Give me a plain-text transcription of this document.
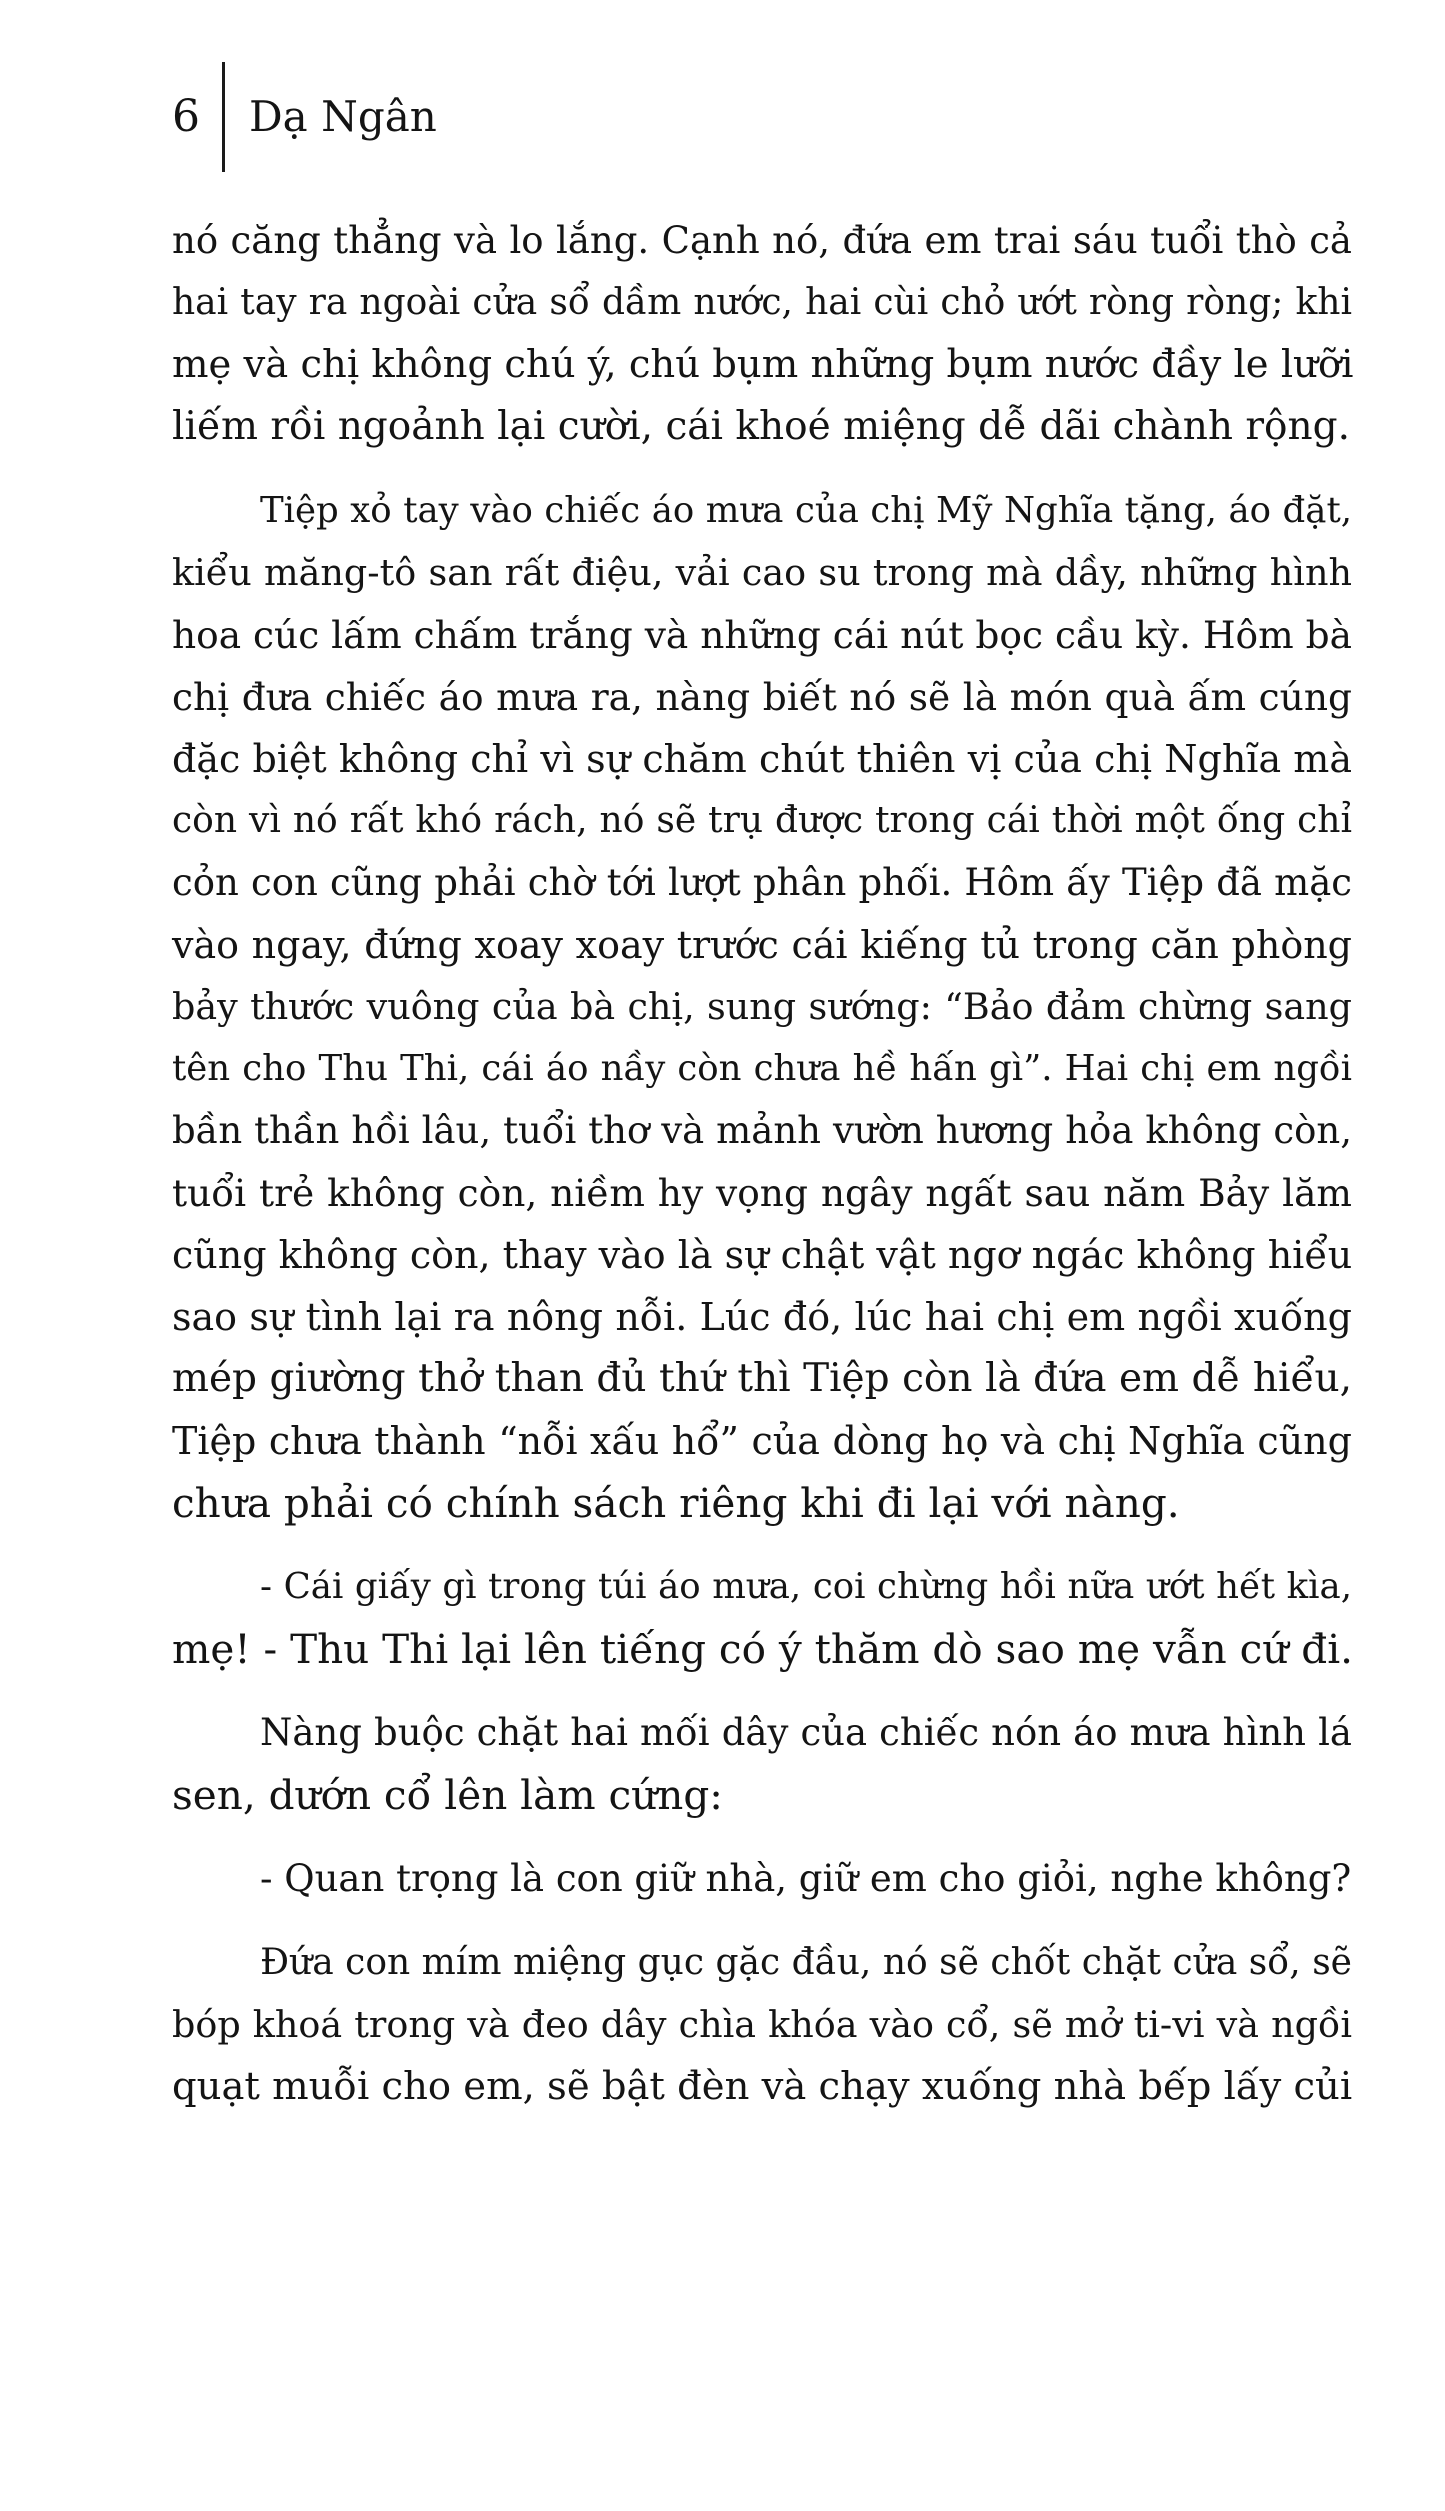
6	Dạ Ngân
nó căng thẳng và lo lắng. Cạnh nó, đứa em trai sáu tuổi thò cả
hai tay ra ngoài cửa sổ dầm nước, hai cùi chỏ ướt ròng ròng; khi
mẹ và chị không chú ý, chú bụm những bụm nước đầy le lưỡi
liếm rồi ngoảnh lại cười, cái khoé miệng dễ dãi chành rộng.
Tiệp xỏ tay vào chiếc áo mưa của chị Mỹ Nghĩa tặng, áo đặt,
kiểu măng-tô san rất điệu, vải cao su trong mà dầy, những hình
hoa cúc lấm chấm trắng và những cái nút bọc cầu kỳ. Hôm bà
chị đưa chiếc áo mưa ra, nàng biết nó sẽ là món quà ấm cúng
đặc biệt không chỉ vì sự chăm chút thiên vị của chị Nghĩa mà
còn vì nó rất khó rách, nó sẽ trụ được trong cái thời một ống chỉ
cỏn con cũng phải chờ tới lượt phân phối. Hôm ấy Tiệp đã mặc
vào ngay, đứng xoay xoay trước cái kiếng tủ trong căn phòng
bảy thước vuông của bà chị, sung sướng: “Bảo đảm chừng sang
tên cho Thu Thi, cái áo nầy còn chưa hề hấn gì”. Hai chị em ngồi
bần thần hồi lâu, tuổi thơ và mảnh vườn hương hỏa không còn,
tuổi trẻ không còn, niềm hy vọng ngây ngất sau năm Bảy lăm
cũng không còn, thay vào là sự chật vật ngơ ngác không hiểu
sao sự tình lại ra nông nỗi. Lúc đó, lúc hai chị em ngồi xuống
mép giường thở than đủ thứ thì Tiệp còn là đứa em dễ hiểu,
Tiệp chưa thành “nỗi xấu hổ” của dòng họ và chị Nghĩa cũng
chưa phải có chính sách riêng khi đi lại với nàng.
- Cái giấy gì trong túi áo mưa, coi chừng hồi nữa ướt hết kìa,
mẹ! - Thu Thi lại lên tiếng có ý thăm dò sao mẹ vẫn cứ đi.
Nàng buộc chặt hai mối dây của chiếc nón áo mưa hình lá
sen, dướn cổ lên làm cứng:
- Quan trọng là con giữ nhà, giữ em cho giỏi, nghe không?
Đứa con mím miệng gục gặc đầu, nó sẽ chốt chặt cửa sổ, sẽ
bóp khoá trong và đeo dây chìa khóa vào cổ, sẽ mở ti-vi và ngồi
quạt muỗi cho em, sẽ bật đèn và chạy xuống nhà bếp lấy củi
